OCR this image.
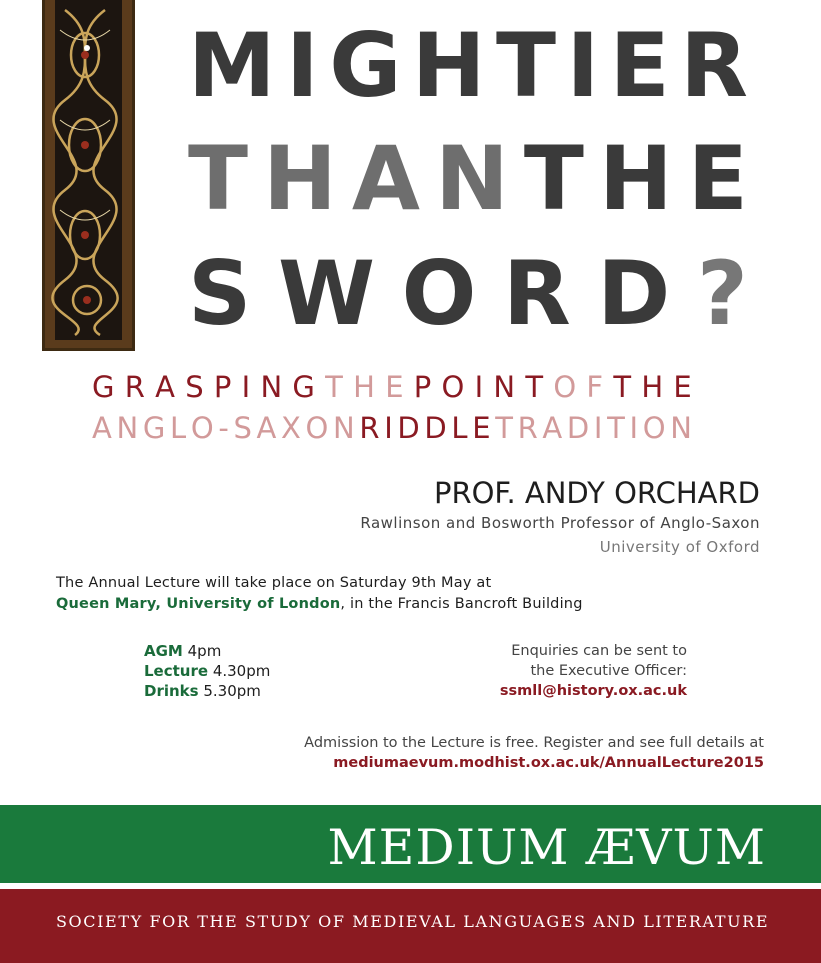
M I G H T I E R
T H A N T H E
S W O R D ?
G R A S P I N G T H E P O I N T O F T H E
A N G L O - S A X O N R I D D L E T R A D I T I O N
PROF. ANDY ORCHARD
Rawlinson and Bosworth Professor of Anglo-Saxon
University of Oxford
The Annual Lecture will take place on Saturday 9th May at
Queen Mary, University of London, in the Francis Bancroft Building
AGM 4pm
Lecture 4.30pm
Drinks 5.30pm
Enquiries can be sent to
the Executive Officer:
ssmll@history.ox.ac.uk
Admission to the Lecture is free. Register and see full details at
mediumaevum.modhist.ox.ac.uk/AnnualLecture2015
MEDIUM ÆVUM
SOCIETY FOR THE STUDY OF MEDIEVAL LANGUAGES AND LITERATURE
